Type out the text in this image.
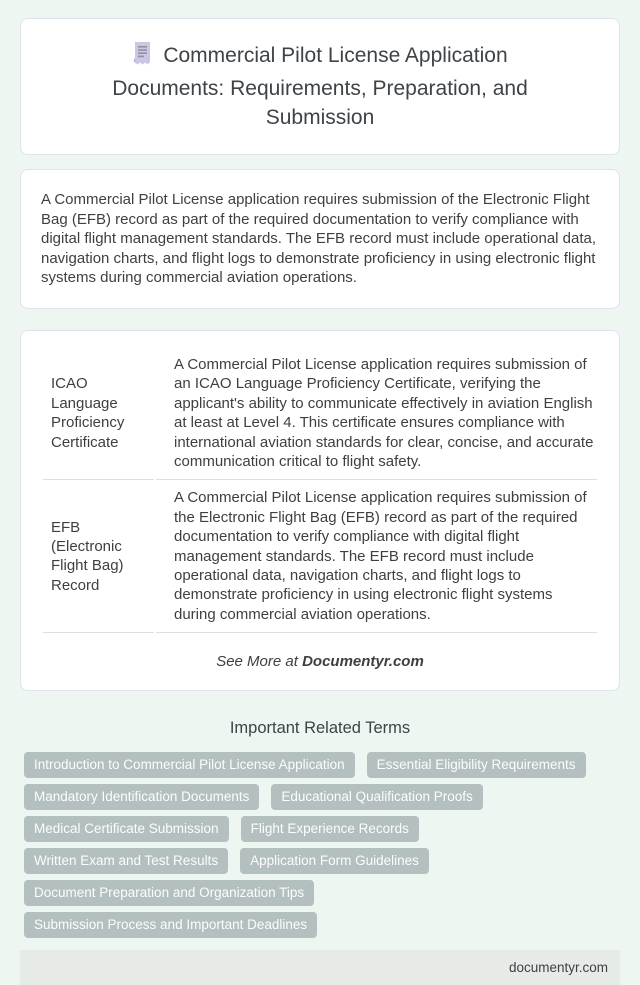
Commercial Pilot License Application Documents: Requirements, Preparation, and Submission
A Commercial Pilot License application requires submission of the Electronic Flight Bag (EFB) record as part of the required documentation to verify compliance with digital flight management standards. The EFB record must include operational data, navigation charts, and flight logs to demonstrate proficiency in using electronic flight systems during commercial aviation operations.
ICAO Language Proficiency Certificate	A Commercial Pilot License application requires submission of an ICAO Language Proficiency Certificate, verifying the applicant's ability to communicate effectively in aviation English at least at Level 4. This certificate ensures compliance with international aviation standards for clear, concise, and accurate communication critical to flight safety.
EFB (Electronic Flight Bag) Record	A Commercial Pilot License application requires submission of the Electronic Flight Bag (EFB) record as part of the required documentation to verify compliance with digital flight management standards. The EFB record must include operational data, navigation charts, and flight logs to demonstrate proficiency in using electronic flight systems during commercial aviation operations.
See More at Documentyr.com
Important Related Terms
Introduction to Commercial Pilot License Application	Essential Eligibility Requirements
Mandatory Identification Documents	Educational Qualification Proofs
Medical Certificate Submission	Flight Experience Records
Written Exam and Test Results	Application Form Guidelines
Document Preparation and Organization Tips
Submission Process and Important Deadlines
documentyr.com
